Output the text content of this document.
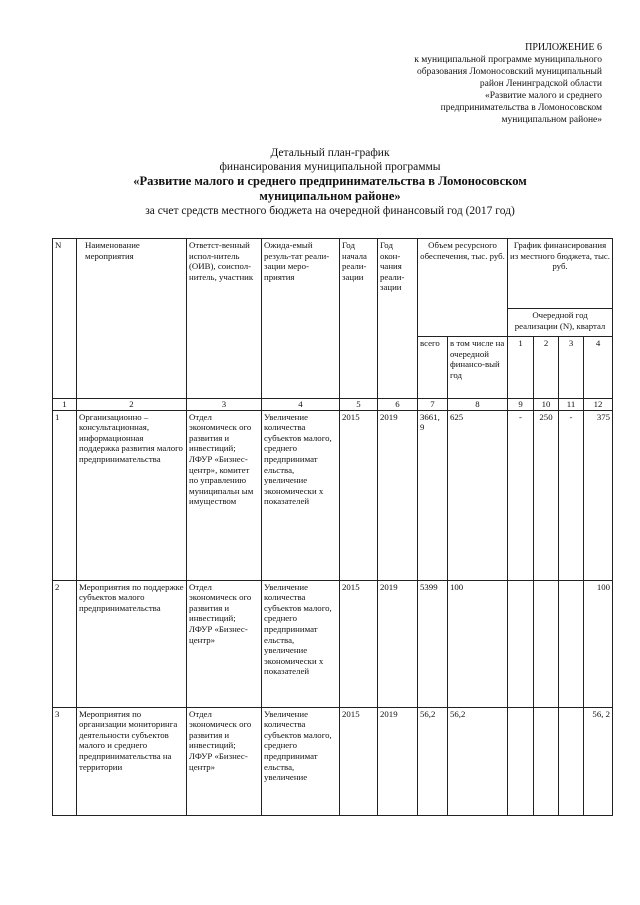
ПРИЛОЖЕНИЕ 6
к муниципальной программе муниципального
образования Ломоносовский муниципальный
район Ленинградской области
«Развитие малого и среднего
предпринимательства в Ломоносовском
муниципальном районе»
Детальный план-график
финансирования муниципальной программы
«Развитие малого и среднего предпринимательства в Ломоносовском
муниципальном районе»
за счет средств местного бюджета на очередной финансовый год (2017 год)
N	Наименование мероприятия	Ответст-венный испол-нитель (ОИВ), соиспол-нитель, участник	Ожида-емый резуль-тат реали-зации меро-приятия	Год начала реали-зации	Год окон-чания реали-зации	Объем ресурсного обеспечения, тыс. руб.		График финансирования из местного бюджета, тыс. руб.			
								Очередной год реализации (N), квартал			
						всего	в том числе на очередной финансо-вый год	1	2	3	4
1	2	3	4	5	6	7	8	9	10	11	12
1	Организационно – консультационная, информационная поддержка развития малого предпринимательства	Отдел экономическ ого развития и инвестиций; ЛФУР «Бизнес-центр», комитет по управлению муниципальн ым имуществом	Увеличение количества субъектов малого, среднего предпринимат ельства, увеличение экономически х показателей	2015	2019	3661, 9	625	-	250	-	375
2	Мероприятия по поддержке субъектов малого предпринимательства	Отдел экономическ ого развития и инвестиций; ЛФУР «Бизнес-центр»	Увеличение количества субъектов малого, среднего предпринимат ельства, увеличение экономически х показателей	2015	2019	5399	100				100
3	Мероприятия по организации мониторинга деятельности субъектов малого и среднего предпринимательства на территории	Отдел экономическ ого развития и инвестиций; ЛФУР «Бизнес-центр»	Увеличение количества субъектов малого, среднего предпринимат ельства, увеличение	2015	2019	56,2	56,2				56, 2
